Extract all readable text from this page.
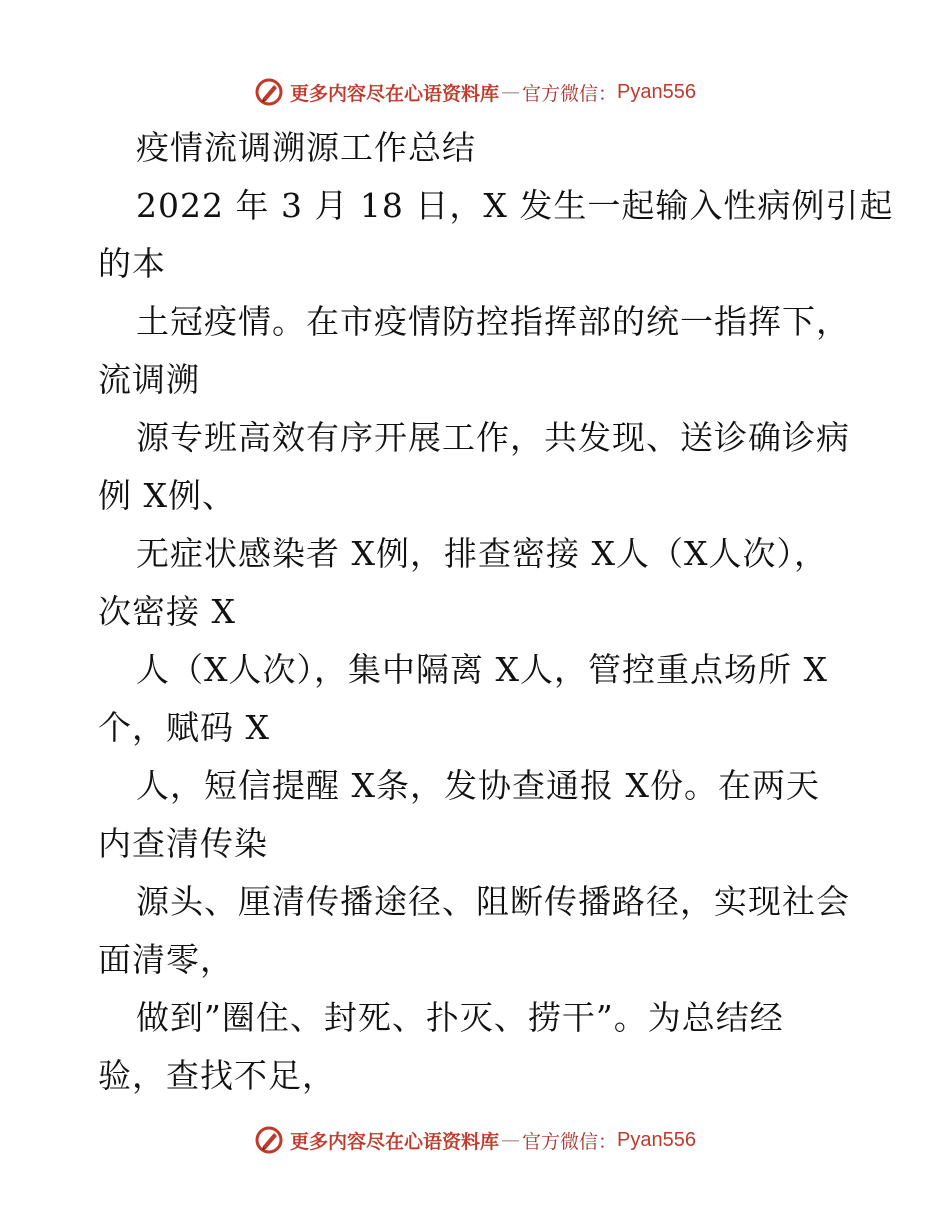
更多内容尽在心语资料库 — 官方微信： Pyan556
疫情流调溯源工作总结
2022 年 3 月 18 日，X 发生一起输入性病例引起
的本
土冠疫情。在市疫情防控指挥部的统一指挥下，
流调溯
源专班高效有序开展工作，共发现、送诊确诊病
例 X例、
无症状感染者 X例，排查密接 X人（X人次），
次密接 X
人（X人次），集中隔离 X人，管控重点场所 X
个，赋码 X
人，短信提醒 X条，发协查通报 X份。在两天
内查清传染
源头、厘清传播途径、阻断传播路径，实现社会
面清零，
做到”圈住、封死、扑灭、捞干”。为总结经
验，查找不足，
更多内容尽在心语资料库 — 官方微信： Pyan556
